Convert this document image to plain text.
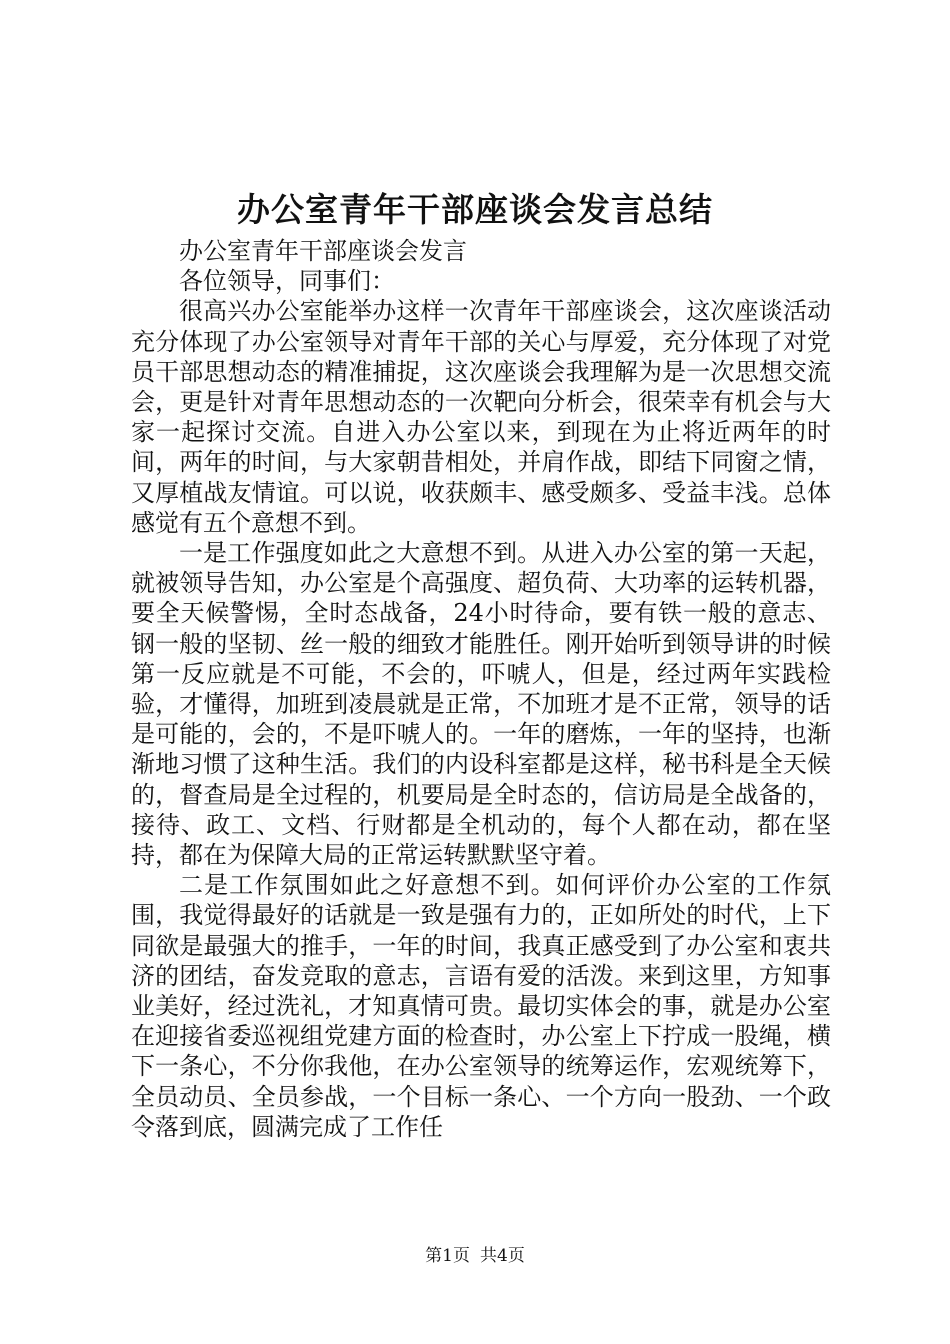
办公室青年干部座谈会发言总结

办公室青年干部座谈会发言

各位领导，同事们：

很高兴办公室能举办这样一次青年干部座谈会，这次座谈活动充分体现了办公室领导对青年干部的关心与厚爱，充分体现了对党员干部思想动态的精准捕捉，这次座谈会我理解为是一次思想交流会，更是针对青年思想动态的一次靶向分析会，很荣幸有机会与大家一起探讨交流。自进入办公室以来，到现在为止将近两年的时间，两年的时间，与大家朝昔相处，并肩作战，即结下同窗之情，又厚植战友情谊。可以说，收获颇丰、感受颇多、受益丰浅。总体感觉有五个意想不到。

一是工作强度如此之大意想不到。从进入办公室的第一天起，就被领导告知，办公室是个高强度、超负荷、大功率的运转机器，要全天候警惕，全时态战备，24小时待命，要有铁一般的意志、钢一般的坚韧、丝一般的细致才能胜任。刚开始听到领导讲的时候第一反应就是不可能，不会的，吓唬人，但是，经过两年实践检验，才懂得，加班到凌晨就是正常，不加班才是不正常，领导的话是可能的，会的，不是吓唬人的。一年的磨炼，一年的坚持，也渐渐地习惯了这种生活。我们的内设科室都是这样，秘书科是全天候的，督查局是全过程的，机要局是全时态的，信访局是全战备的，接待、政工、文档、行财都是全机动的，每个人都在动，都在坚持，都在为保障大局的正常运转默默坚守着。

二是工作氛围如此之好意想不到。如何评价办公室的工作氛围，我觉得最好的话就是一致是强有力的，正如所处的时代，上下同欲是最强大的推手，一年的时间，我真正感受到了办公室和衷共济的团结，奋发竞取的意志，言语有爱的活泼。来到这里，方知事业美好，经过洗礼，才知真情可贵。最切实体会的事，就是办公室在迎接省委巡视组党建方面的检查时，办公室上下拧成一股绳，横下一条心，不分你我他，在办公室领导的统筹运作，宏观统筹下，全员动员、全员参战，一个目标一条心、一个方向一股劲、一个政令落到底，圆满完成了工作任

第1页 共4页
